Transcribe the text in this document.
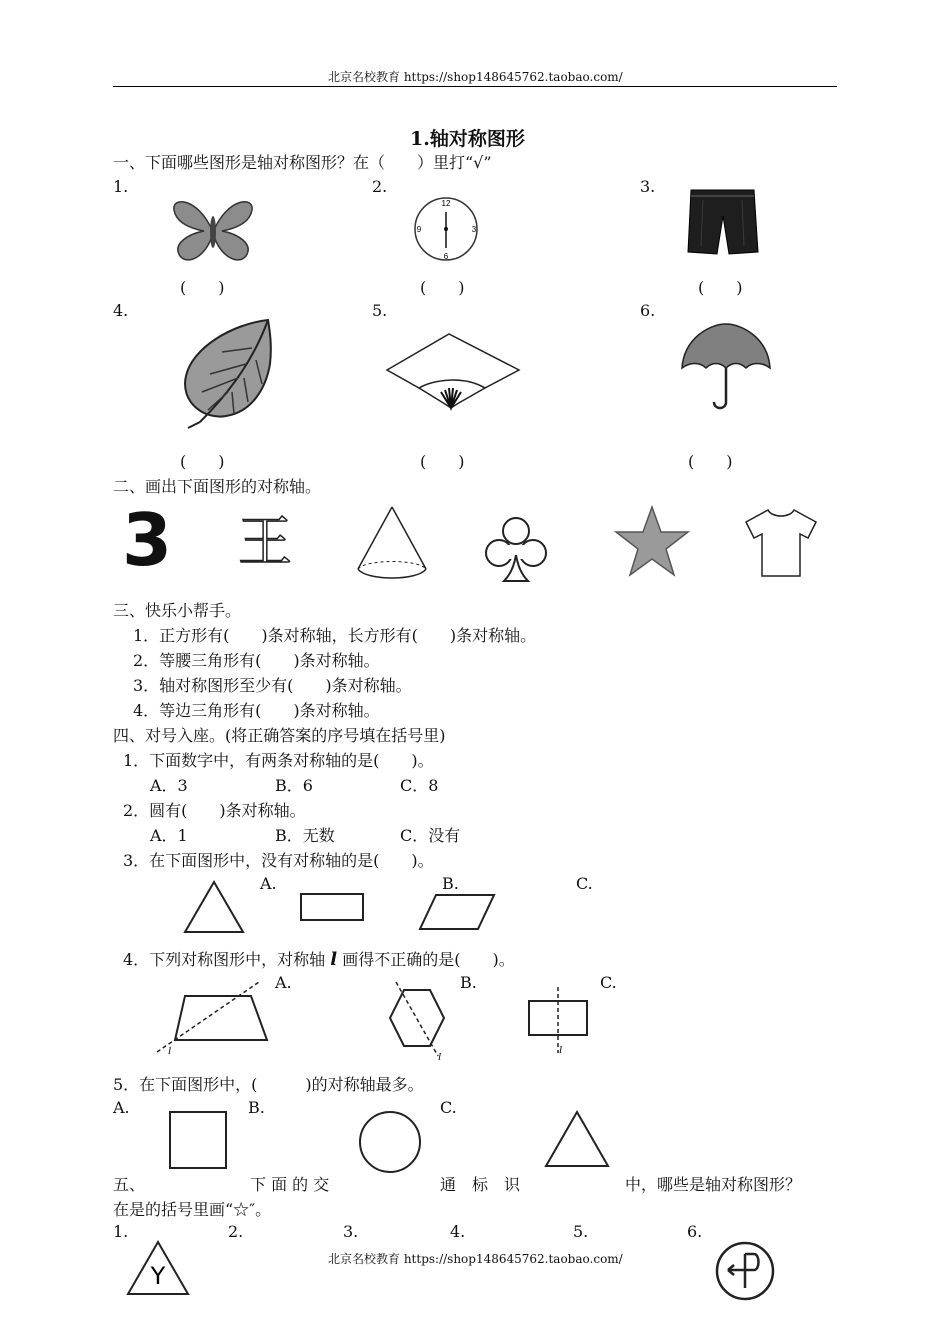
北京名校教育 https://shop148645762.taobao.com/
1.轴对称图形
一、下面哪些图形是轴对称图形？在（　　）里打“√”
1.	2.	3.
4.	5.	6.
(　　)
12
3
6
9
(　　)	(　　)
(　　)	(　　)	(　　)
二、画出下面图形的对称轴。
3 王
三、快乐小帮手。
1．正方形有(　　)条对称轴，长方形有(　　)条对称轴。
2．等腰三角形有(　　)条对称轴。
3．轴对称图形至少有(　　)条对称轴。
4．等边三角形有(　　)条对称轴。
四、对号入座。(将正确答案的序号填在括号里)
1．下面数字中，有两条对称轴的是(　　)。
A．3	B．6	C．8
2．圆有(　　)条对称轴。
A．1	B．无数	C．没有
3．在下面图形中，没有对称轴的是(　　)。
A.	B.	C.
4．下列对称图形中，对称轴 l 画得不正确的是(　　)。
A.	B.	C.
l	l
l
5．在下面图形中，(　　　)的对称轴最多。
A.	B.	C.
五、	下 面 的 交	通　标　识	中，哪些是轴对称图形？
在是的括号里画“☆″。
1.	2.	3.	4.	5.	6.
Y
北京名校教育 https://shop148645762.taobao.com/
